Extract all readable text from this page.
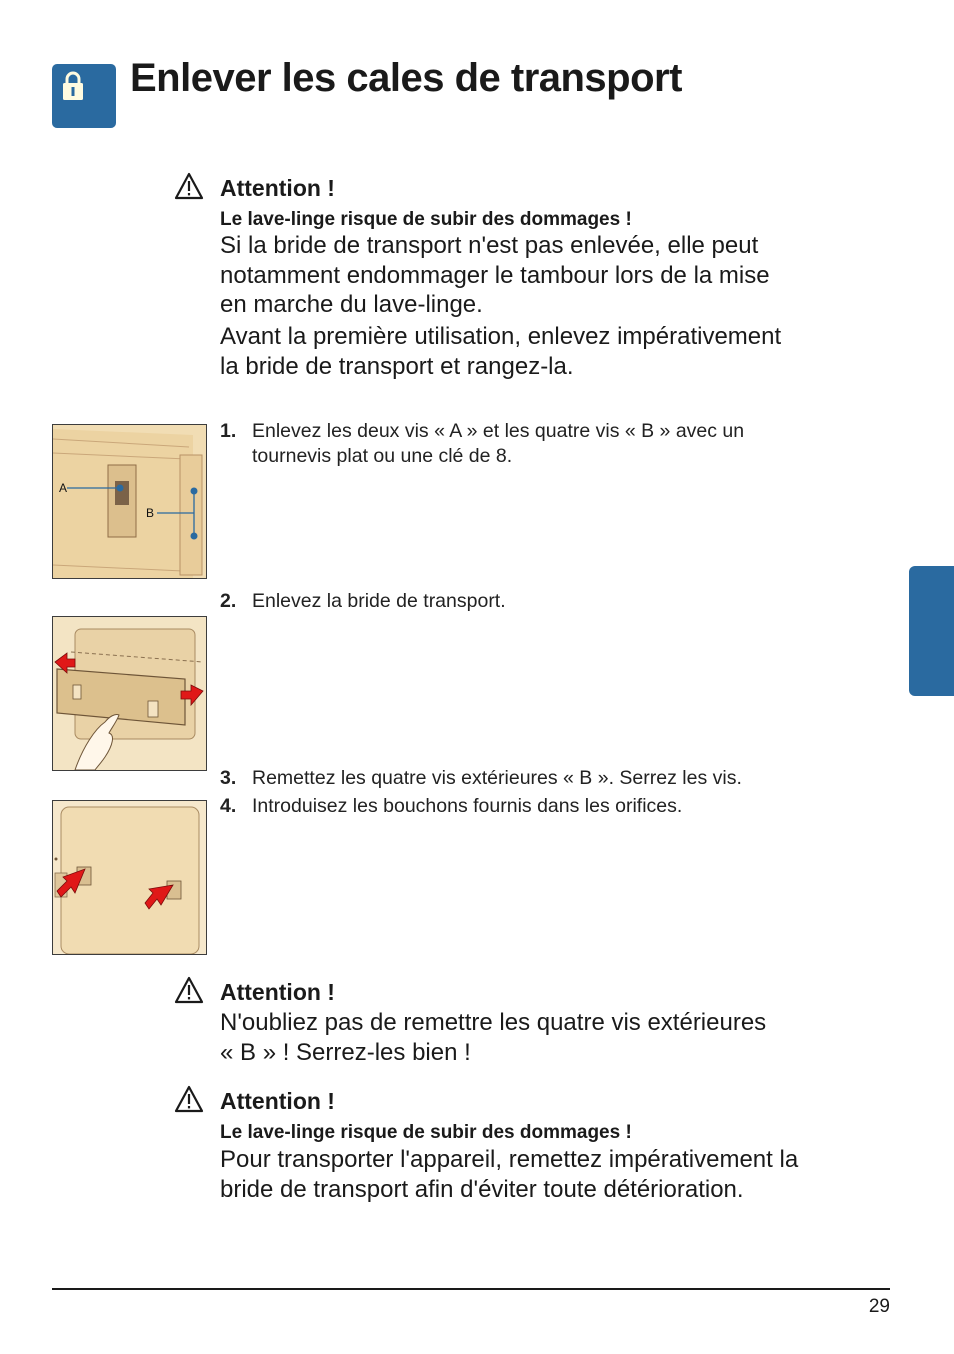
Enlever les cales de transport
Attention !
Le lave-linge risque de subir des dommages !
Si la bride de transport n'est pas enlevée, elle peut
notamment endommager le tambour lors de la mise
en marche du lave-linge.
Avant la première utilisation, enlevez impérativement
la bride de transport et rangez-la.
A
B
1. Enlevez les deux vis « A » et les quatre vis « B » avec un
tournevis plat ou une clé de 8.
2. Enlevez la bride de transport.
3. Remettez les quatre vis extérieures « B ». Serrez les vis.
4. Introduisez les bouchons fournis dans les orifices.
Attention !
N'oubliez pas de remettre les quatre vis extérieures
« B » ! Serrez-les bien !
Attention !
Le lave-linge risque de subir des dommages !
Pour transporter l'appareil, remettez impérativement la
bride de transport afin d'éviter toute détérioration.
29
